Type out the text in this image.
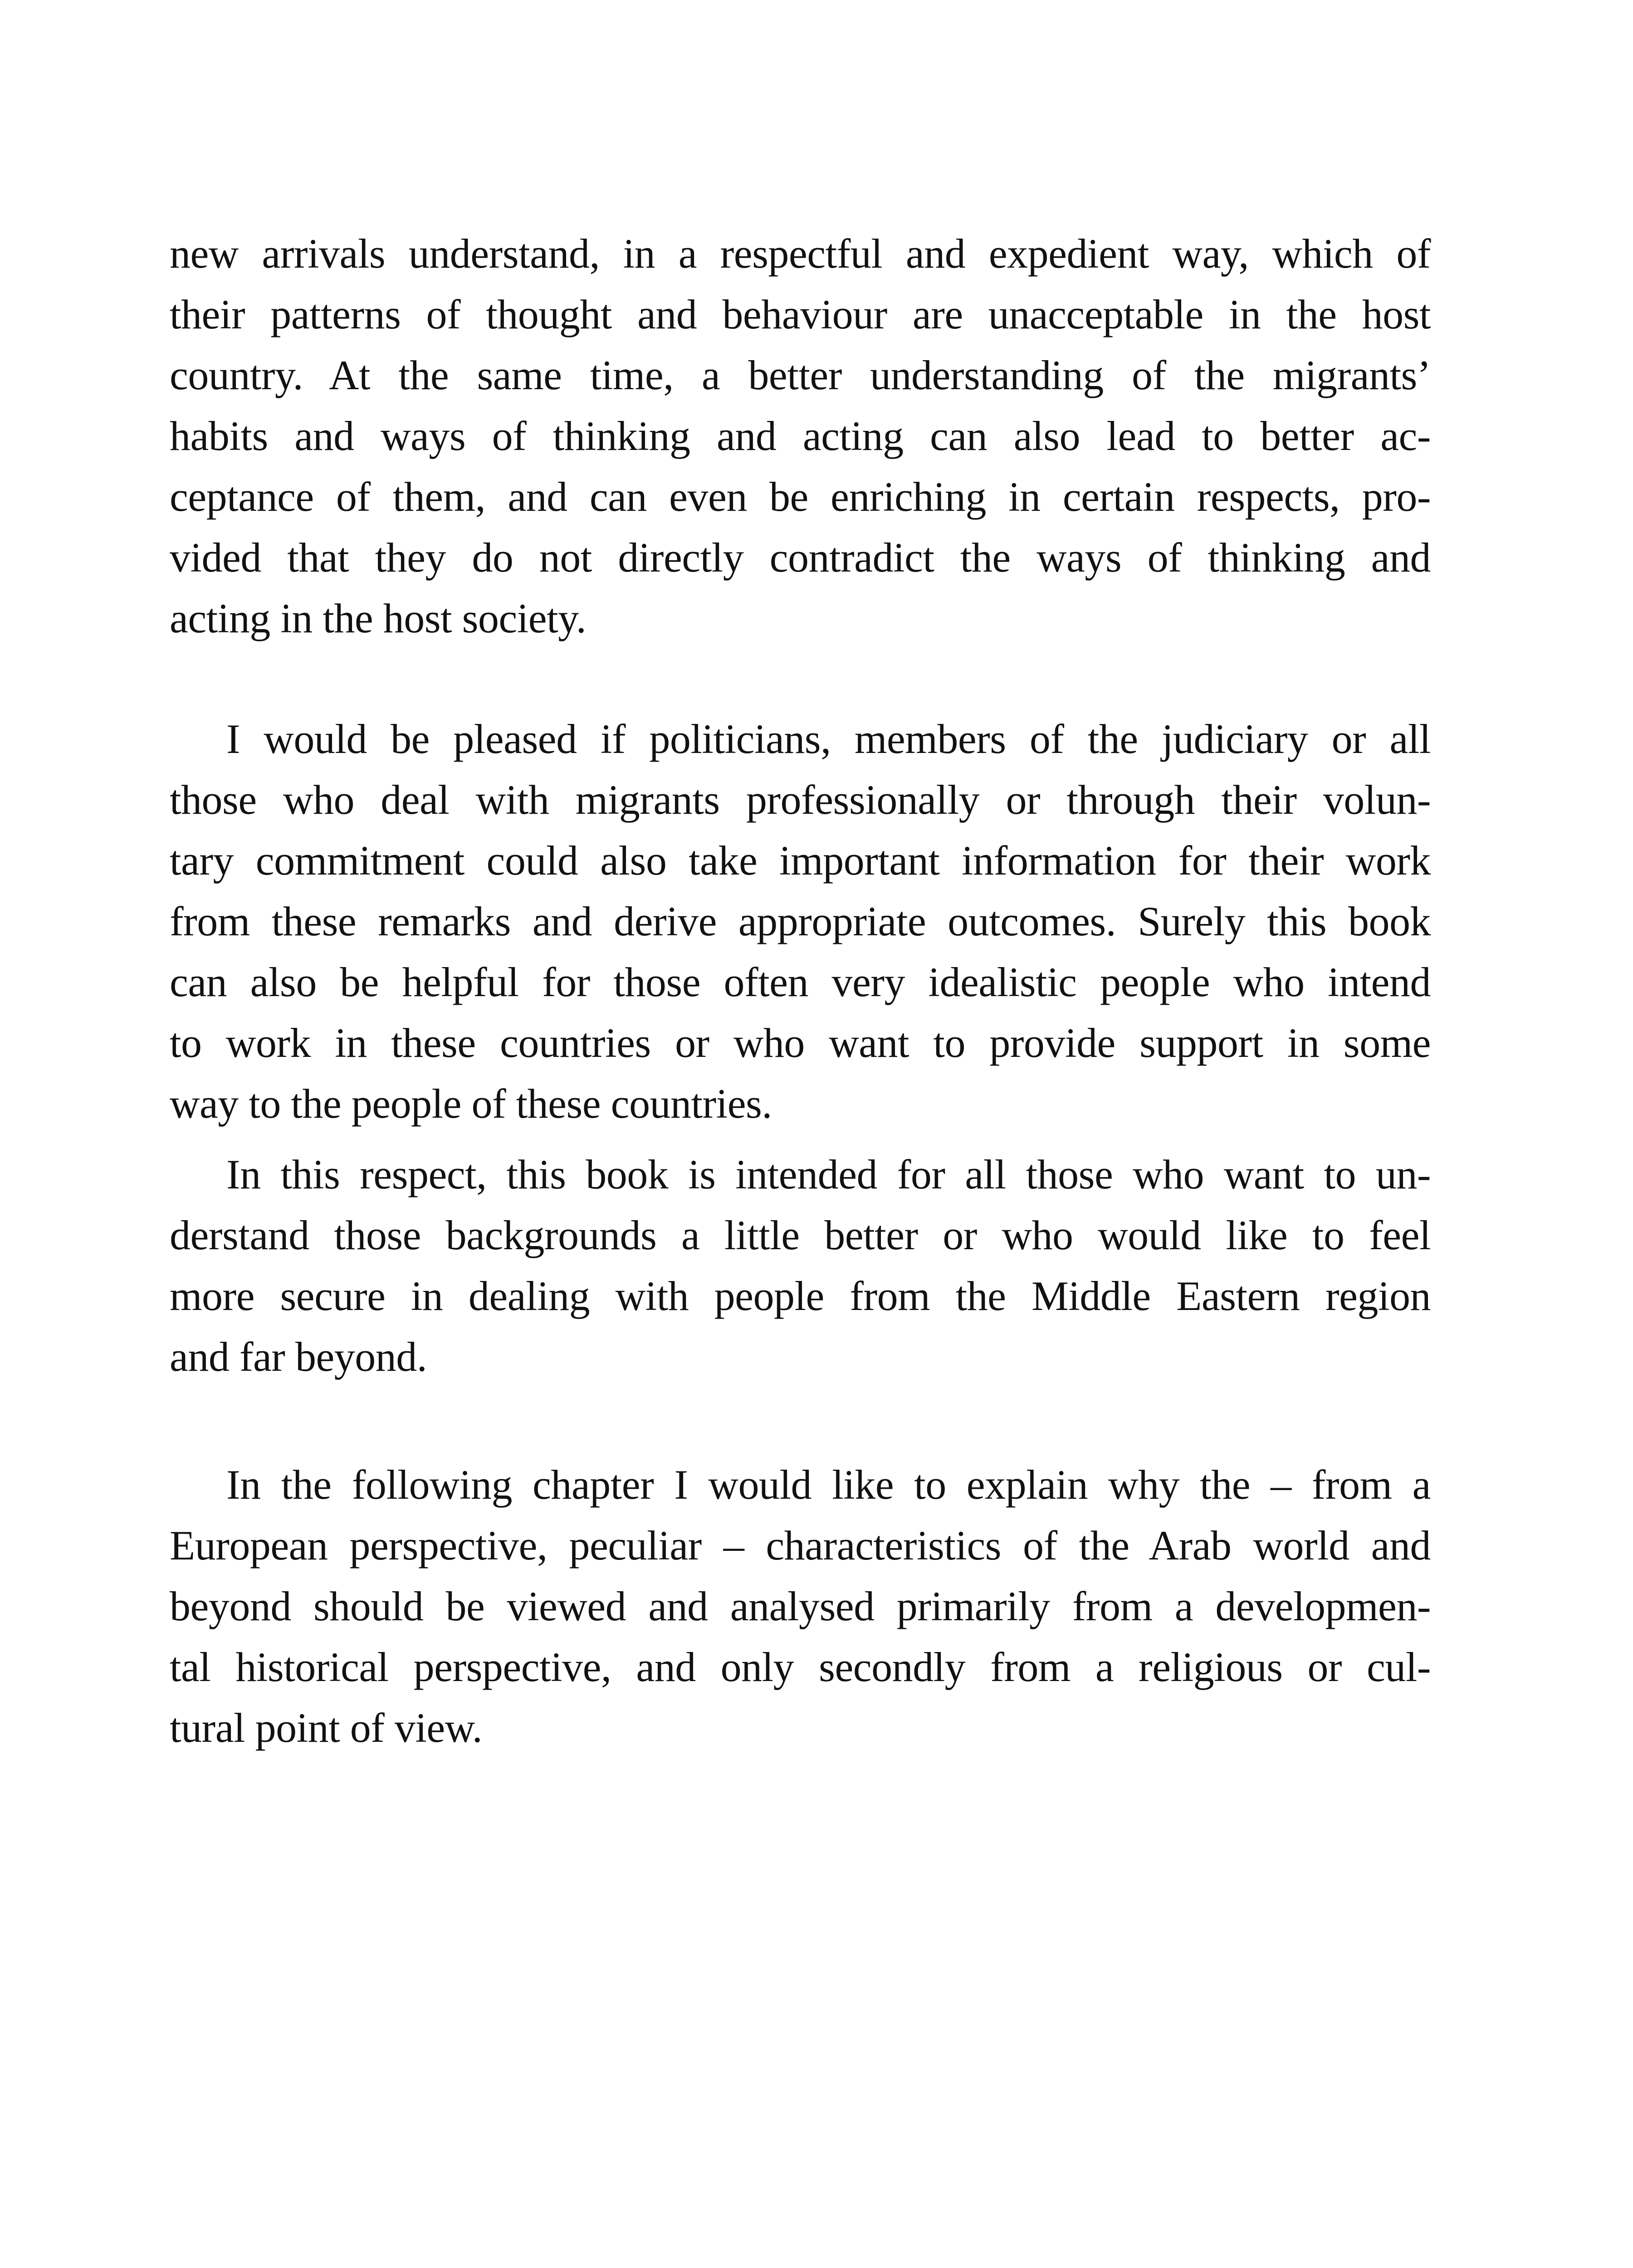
new arrivals understand, in a respectful and expedient way, which of
their patterns of thought and behaviour are unacceptable in the host
country. At the same time, a better understanding of the migrants’
habits and ways of thinking and acting can also lead to better ac-
ceptance of them, and can even be enriching in certain respects, pro-
vided that they do not directly contradict the ways of thinking and
acting in the host society.
I would be pleased if politicians, members of the judiciary or all
those who deal with migrants professionally or through their volun-
tary commitment could also take important information for their work
from these remarks and derive appropriate outcomes. Surely this book
can also be helpful for those often very idealistic people who intend
to work in these countries or who want to provide support in some
way to the people of these countries.
In this respect, this book is intended for all those who want to un-
derstand those backgrounds a little better or who would like to feel
more secure in dealing with people from the Middle Eastern region
and far beyond.
In the following chapter I would like to explain why the – from a
European perspective, peculiar – characteristics of the Arab world and
beyond should be viewed and analysed primarily from a developmen-
tal historical perspective, and only secondly from a religious or cul-
tural point of view.
